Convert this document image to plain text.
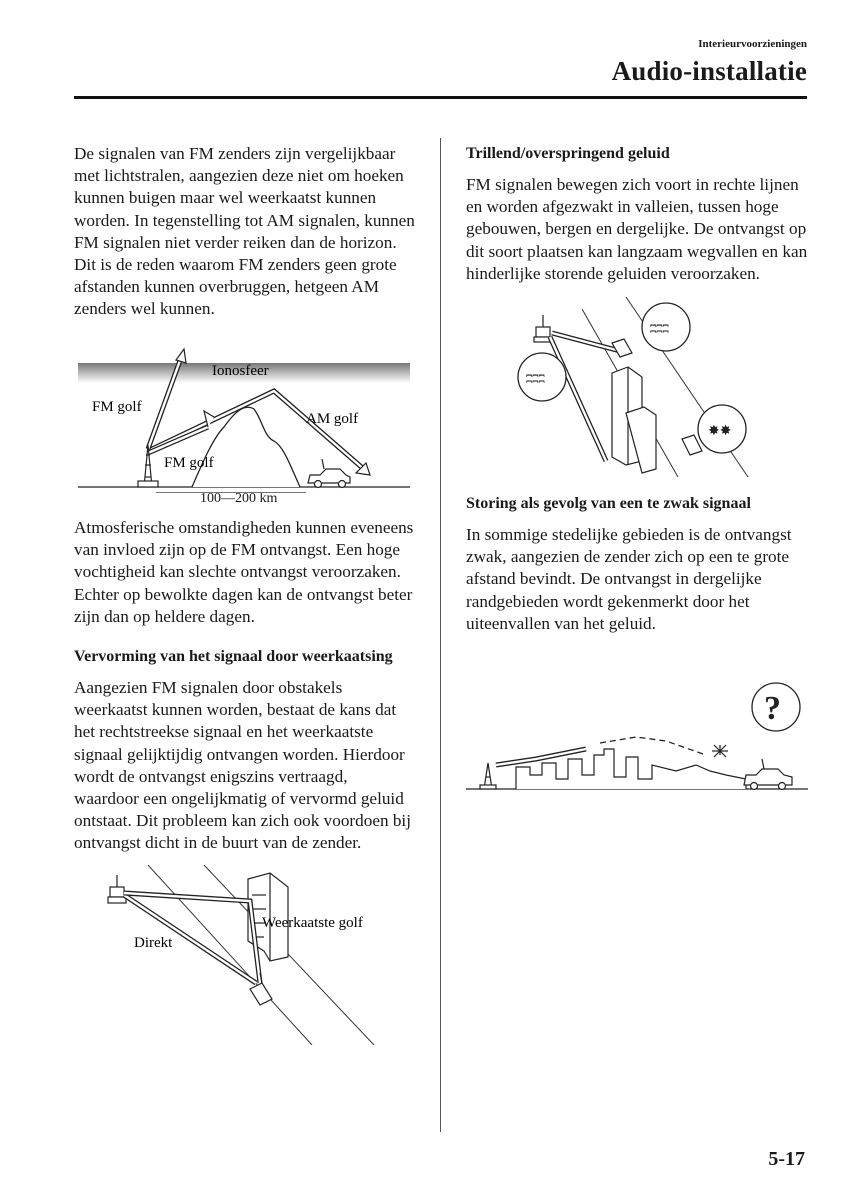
Interieurvoorzieningen
Audio-installatie

De signalen van FM zenders zijn vergelijkbaar met lichtstralen, aangezien deze niet om hoeken kunnen buigen maar wel weerkaatst kunnen worden. In tegenstelling tot AM signalen, kunnen FM signalen niet verder reiken dan de horizon. Dit is de reden waarom FM zenders geen grote afstanden kunnen overbruggen, hetgeen AM zenders wel kunnen.

Ionosfeer
FM golf
AM golf
FM golf
100—200 km

Atmosferische omstandigheden kunnen eveneens van invloed zijn op de FM ontvangst. Een hoge vochtigheid kan slechte ontvangst veroorzaken. Echter op bewolkte dagen kan de ontvangst beter zijn dan op heldere dagen.

Vervorming van het signaal door weerkaatsing

Aangezien FM signalen door obstakels weerkaatst kunnen worden, bestaat de kans dat het rechtstreekse signaal en het weerkaatste signaal gelijktijdig ontvangen worden. Hierdoor wordt de ontvangst enigszins vertraagd, waardoor een ongelijkmatig of vervormd geluid ontstaat. Dit probleem kan zich ook voordoen bij ontvangst dicht in de buurt van de zender.

Weerkaatste golf
Direkt
Trillend/overspringend geluid

FM signalen bewegen zich voort in rechte lijnen en worden afgezwakt in valleien, tussen hoge gebouwen, bergen en dergelijke. De ontvangst op dit soort plaatsen kan langzaam wegvallen en kan hinderlijke storende geluiden veroorzaken.

ʭʭʭ
ʭʭʭ
✸✸
Storing als gevolg van een te zwak signaal

In sommige stedelijke gebieden is de ontvangst zwak, aangezien de zender zich op een te grote afstand bevindt. De ontvangst in dergelijke randgebieden wordt gekenmerkt door het uiteenvallen van het geluid.

?
5-17
